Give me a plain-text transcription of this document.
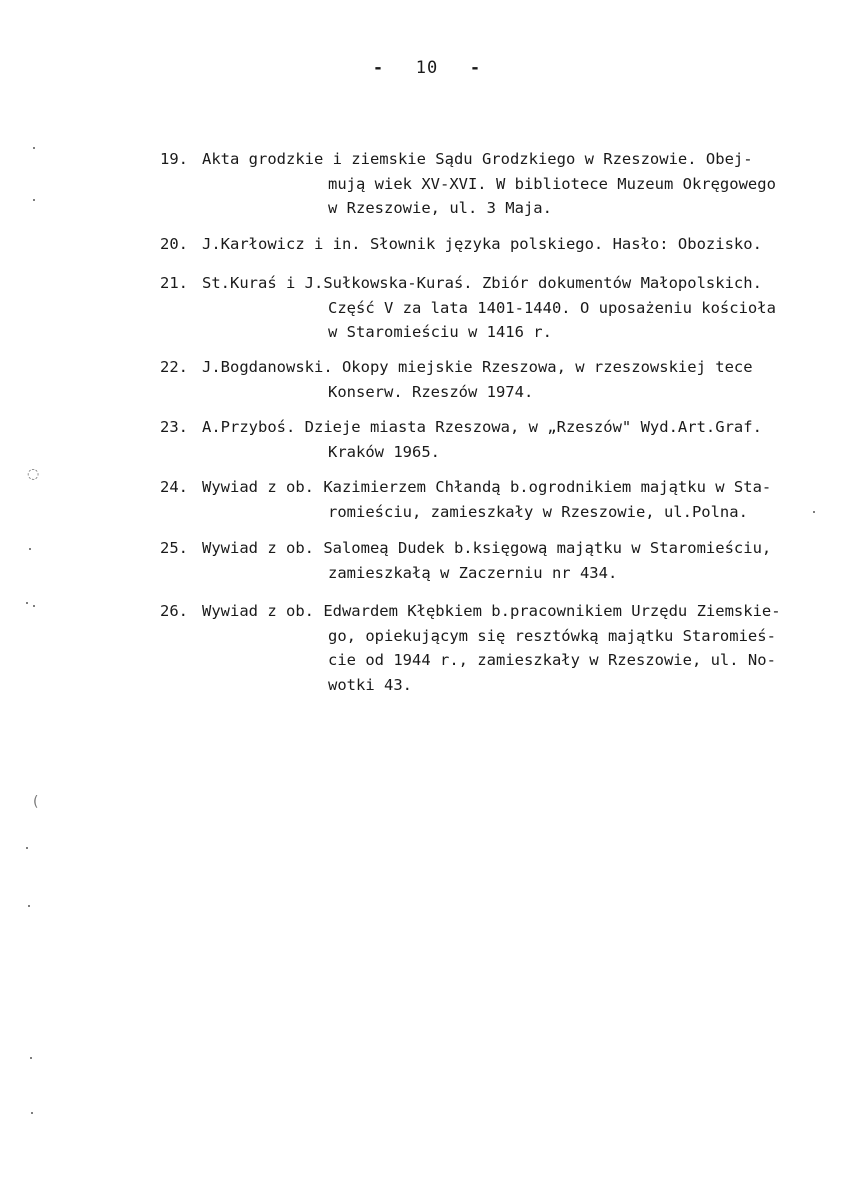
- 10 -
19. Akta grodzkie i ziemskie Sądu Grodzkiego w Rzeszowie. Obej-
mują wiek XV-XVI. W bibliotece Muzeum Okręgowego
w Rzeszowie, ul. 3 Maja.
20. J.Karłowicz i in. Słownik języka polskiego. Hasło: Obozisko.
21. St.Kuraś i J.Sułkowska-Kuraś. Zbiór dokumentów Małopolskich.
Część V za lata 1401-1440. O uposażeniu kościoła
w Staromieściu w 1416 r.
22. J.Bogdanowski. Okopy miejskie Rzeszowa, w rzeszowskiej tece
Konserw. Rzeszów 1974.
23. A.Przyboś. Dzieje miasta Rzeszowa, w „Rzeszów" Wyd.Art.Graf.
Kraków 1965.
24. Wywiad z ob. Kazimierzem Chłandą b.ogrodnikiem majątku w Sta-
romieściu, zamieszkały w Rzeszowie, ul.Polna.
25. Wywiad z ob. Salomeą Dudek b.księgową majątku w Staromieściu,
zamieszkałą w Zaczerniu nr 434.
26. Wywiad z ob. Edwardem Kłębkiem b.pracownikiem Urzędu Ziemskie-
go, opiekującym się resztówką majątku Staromieś-
cie od 1944 r., zamieszkały w Rzeszowie, ul. No-
wotki 43.
◌
(
